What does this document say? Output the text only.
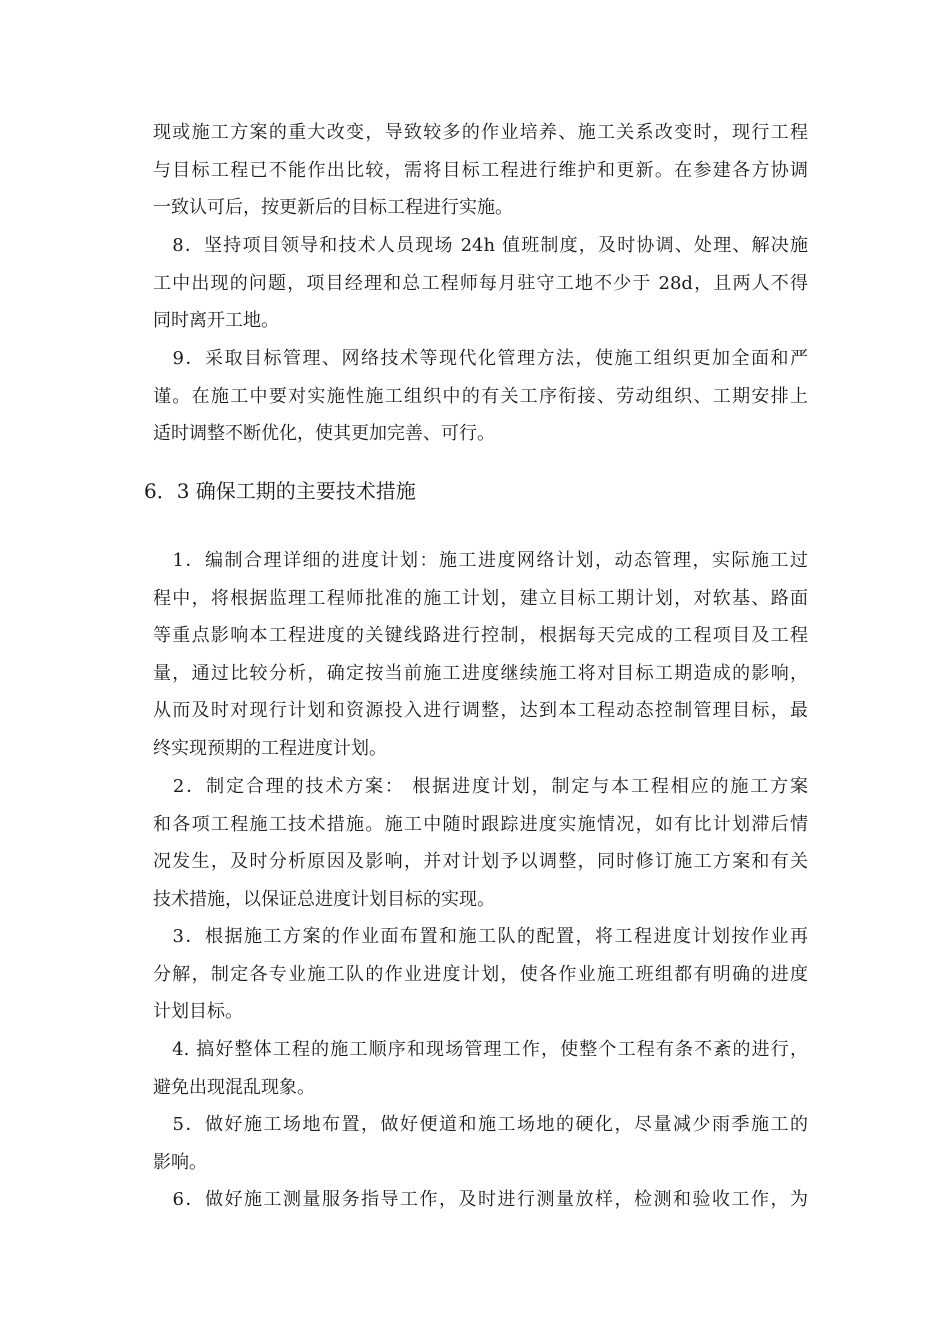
现或施工方案的重大改变，导致较多的作业培养、施工关系改变时，现行工程
与目标工程已不能作出比较，需将目标工程进行维护和更新。在参建各方协调
一致认可后，按更新后的目标工程进行实施。

　8．坚持项目领导和技术人员现场 24h 值班制度，及时协调、处理、解决施
工中出现的问题，项目经理和总工程师每月驻守工地不少于 28d，且两人不得
同时离开工地。

　9．采取目标管理、网络技术等现代化管理方法，使施工组织更加全面和严
谨。在施工中要对实施性施工组织中的有关工序衔接、劳动组织、工期安排上
适时调整不断优化，使其更加完善、可行。

6．3 确保工期的主要技术措施

　1．编制合理详细的进度计划：施工进度网络计划，动态管理，实际施工过
程中，将根据监理工程师批准的施工计划，建立目标工期计划，对软基、路面
等重点影响本工程进度的关键线路进行控制，根据每天完成的工程项目及工程
量，通过比较分析，确定按当前施工进度继续施工将对目标工期造成的影响，
从而及时对现行计划和资源投入进行调整，达到本工程动态控制管理目标，最
终实现预期的工程进度计划。

　2．制定合理的技术方案： 根据进度计划，制定与本工程相应的施工方案
和各项工程施工技术措施。施工中随时跟踪进度实施情况，如有比计划滞后情
况发生，及时分析原因及影响，并对计划予以调整，同时修订施工方案和有关
技术措施，以保证总进度计划目标的实现。

　3．根据施工方案的作业面布置和施工队的配置，将工程进度计划按作业再
分解，制定各专业施工队的作业进度计划，使各作业施工班组都有明确的进度
计划目标。

　4. 搞好整体工程的施工顺序和现场管理工作，使整个工程有条不紊的进行，
避免出现混乱现象。

　5．做好施工场地布置，做好便道和施工场地的硬化，尽量减少雨季施工的
影响。

　6．做好施工测量服务指导工作，及时进行测量放样，检测和验收工作，为
